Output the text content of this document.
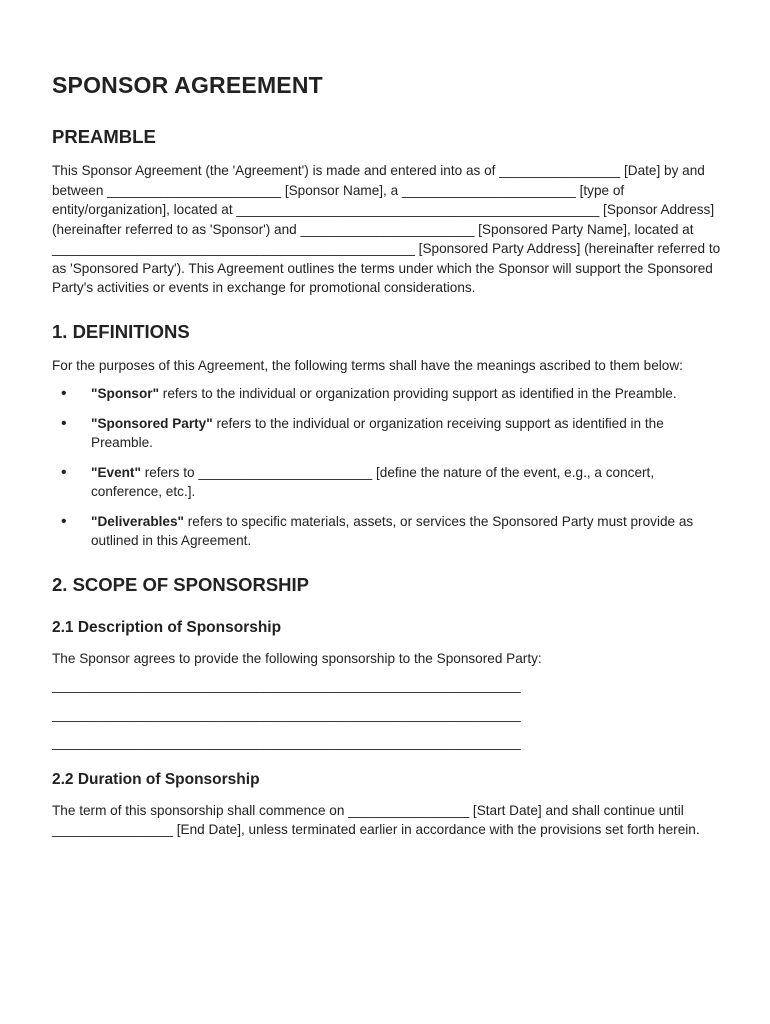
SPONSOR AGREEMENT
PREAMBLE

This Sponsor Agreement (the 'Agreement') is made and entered into as of ________________ [Date] by and between _______________________ [Sponsor Name], a _______________________ [type of entity/organization], located at ________________________________________________ [Sponsor Address] (hereinafter referred to as 'Sponsor') and _______________________ [Sponsored Party Name], located at ________________________________________________ [Sponsored Party Address] (hereinafter referred to as 'Sponsored Party'). This Agreement outlines the terms under which the Sponsor will support the Sponsored Party's activities or events in exchange for promotional considerations.

1. DEFINITIONS

For the purposes of this Agreement, the following terms shall have the meanings ascribed to them below:

• "Sponsor" refers to the individual or organization providing support as identified in the Preamble.
• "Sponsored Party" refers to the individual or organization receiving support as identified in the Preamble.
• "Event" refers to _______________________ [define the nature of the event, e.g., a concert, conference, etc.].
• "Deliverables" refers to specific materials, assets, or services the Sponsored Party must provide as outlined in this Agreement.
2. SCOPE OF SPONSORSHIP
2.1 Description of Sponsorship

The Sponsor agrees to provide the following sponsorship to the Sponsored Party:

______________________________________________________________
______________________________________________________________
______________________________________________________________
2.2 Duration of Sponsorship

The term of this sponsorship shall commence on ________________ [Start Date] and shall continue until ________________ [End Date], unless terminated earlier in accordance with the provisions set forth herein.
